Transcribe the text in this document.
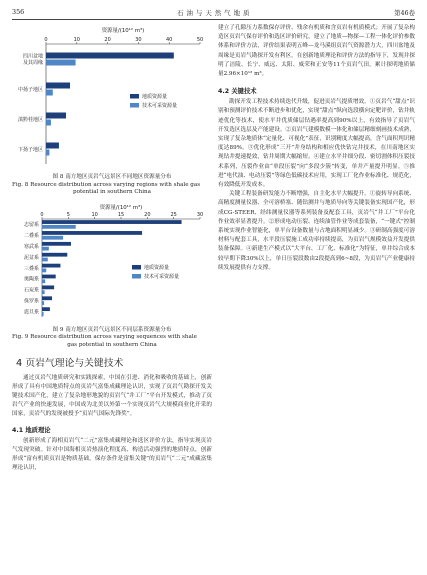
356	石 油 与 天 然 气 地 质	第46卷
资源量/(10¹² m³)
0	10	20	30	40	50
四川盆地
及其周缘
中扬子地区
滇黔桂地区
下扬子地区
地质资源量
技术可采资源量
图 8 南方地区页岩气远景区不同地区资源量分布
Fig. 8 Resource distribution across varying regions with shale gas
potential in southern China
资源量/(10¹² m³)
0	5	10	15	20	25	30
志留系
二叠系
寒武系
泥盆系
三叠系
奥陶系
石炭系
侏罗系
震旦系
地质资源量
技术可采资源量
图 9 南方地区页岩气远景区不同层系资源量分布
Fig. 9 Resource distribution across varying sequences with shale
gas potential in southern China
4 页岩气理论与关键技术

通过页岩气地质研究和实践探索，中国在引进、消化和吸收的基础上，创新形成了具有中国地质特点的页岩气富集成藏理论认识，实现了页岩气勘探开发关键技术国产化，建立了复杂地形地貌的页岩气“井工厂”平台开发模式，推动了页岩气产业的快速发展，中国成为北美以外第一个实现页岩气大规模商业化开采的国家，页岩气的发现被授予“页岩气国际先锋奖”。

4.1 地质理论

创新形成了海相页岩气“二元”富集成藏理论和选区评价方法，指导实现页岩气发现突破。针对中国海相页岩热演化程度高、构造活动强烈的地质特点，创新形成“富有机质页岩是物质基础，保存条件是富集关键”的页岩气“二元”成藏富集理论认识，

建立了孔隙压力系数保存评价、残余有机质和含页岩有机质模式；开展了复杂构造区页岩气保存评价和选区评价研究，建立了地质—物探—工程一体化评价参数体系和评价方法，评价结果表明五峰—龙马溪组页岩气资源潜力大，四川盆地及周缘是页岩气勘探开发有利区。在创新地质理论和评价方法的指导下，发现并探明了涪陵、长宁、威远、太阳、威荣和正安等11个页岩气田，累计探明地质储量2.96×10¹² m³。

4.2 关键技术

勘探开发工程技术持续迭代升级，促进页岩气提质增效。①页岩气“甜点”识别和预测评价技术不断进步和优化，实现“甜点”纵向选段横向定靶评价，钻井轨迹优化等技术，使水平井优质储层钻遇率提高到90%以上，有效指导了页岩气开发选区选层及产能建设。②页岩气建模数模一体化和储层精细刻画技术成熟，实现了复杂地质体“定量化、可视化”表征，识别精度大幅提高，含气面积判识精度达89%。③优化形成“三开”井身结构和相应优快钻完井技术，在川南地区实现钻井提速提效，钻井周期大幅缩短。④建立水平井细分段、密切割体积压裂技术系列，压裂作业由“单段压裂”向“多段少簇”转变，单井产量提升明显。⑤推进“电代油、电动压裂”等绿色低碳技术应用，实现工厂化作业标准化、规范化，有效降低开发成本。

关键工程装备研发能力不断增强，自主化水平大幅提升。①旋转导向系统、高精度测量仪器、全可溶桥塞、随钻测井与地质导向等关键装备实现国产化，形成CG-STEER、经纬测量仪器等系列装备及配套工具，页岩气“井工厂”平台化作业效率显著提升。②形成电动压裂、连续油管作业等成套装备，“一键式”控制系统实现作业智能化，单平台设备数量与占地面积明显减少。③研制高强度可溶材料与配套工具，水平段压裂施工成功率持续提高，为页岩气规模效益开发提供装备保障。④新建生产模式以“大平台、工厂化、标准化”为特征，单井综合成本较早期下降30%以上，单日压裂段数由2段提高到6~8段，为页岩气产业健康持续发展提供有力支撑。
